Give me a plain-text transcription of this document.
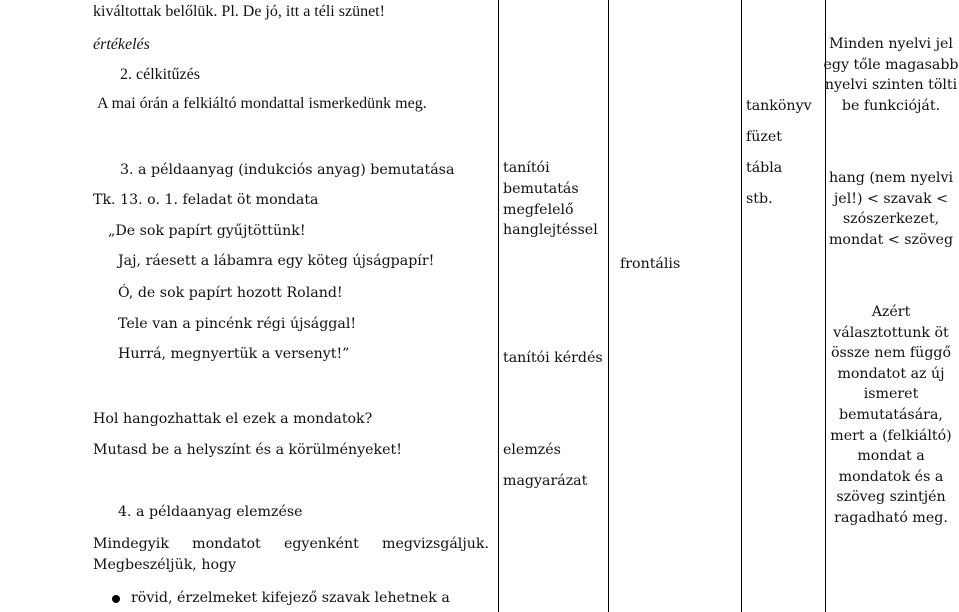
kiváltottak belőlük. Pl. De jó, itt a téli szünet!
értékelés
2. célkitűzés
A mai órán a felkiáltó mondattal ismerkedünk meg.
3. a példaanyag (indukciós anyag) bemutatása
Tk. 13. o. 1. feladat öt mondata
„De sok papírt gyűjtöttünk!
Jaj, ráesett a lábamra egy köteg újságpapír!
Ó, de sok papírt hozott Roland!
Tele van a pincénk régi újsággal!
Hurrá, megnyertük a versenyt!”
Hol hangozhattak el ezek a mondatok?
Mutasd be a helyszínt és a körülményeket!
4. a példaanyag elemzése
Mindegyik mondatot egyenként megvizsgáljuk.
Megbeszéljük, hogy
rövid, érzelmeket kifejező szavak lehetnek a
tanítói
bemutatás
megfelelő
hanglejtéssel
tanítói kérdés
elemzés
magyarázat
frontális
tankönyv
füzet
tábla
stb.
Minden nyelvi jel egy tőle magasabb nyelvi szinten tölti be funkcióját.
hang (nem nyelvi jel!) < szavak < szószerkezet, mondat < szöveg
Azért választottunk öt össze nem függő mondatot az új ismeret bemutatására, mert a (felkiáltó) mondat a mondatok és a szöveg szintjén ragadható meg.
